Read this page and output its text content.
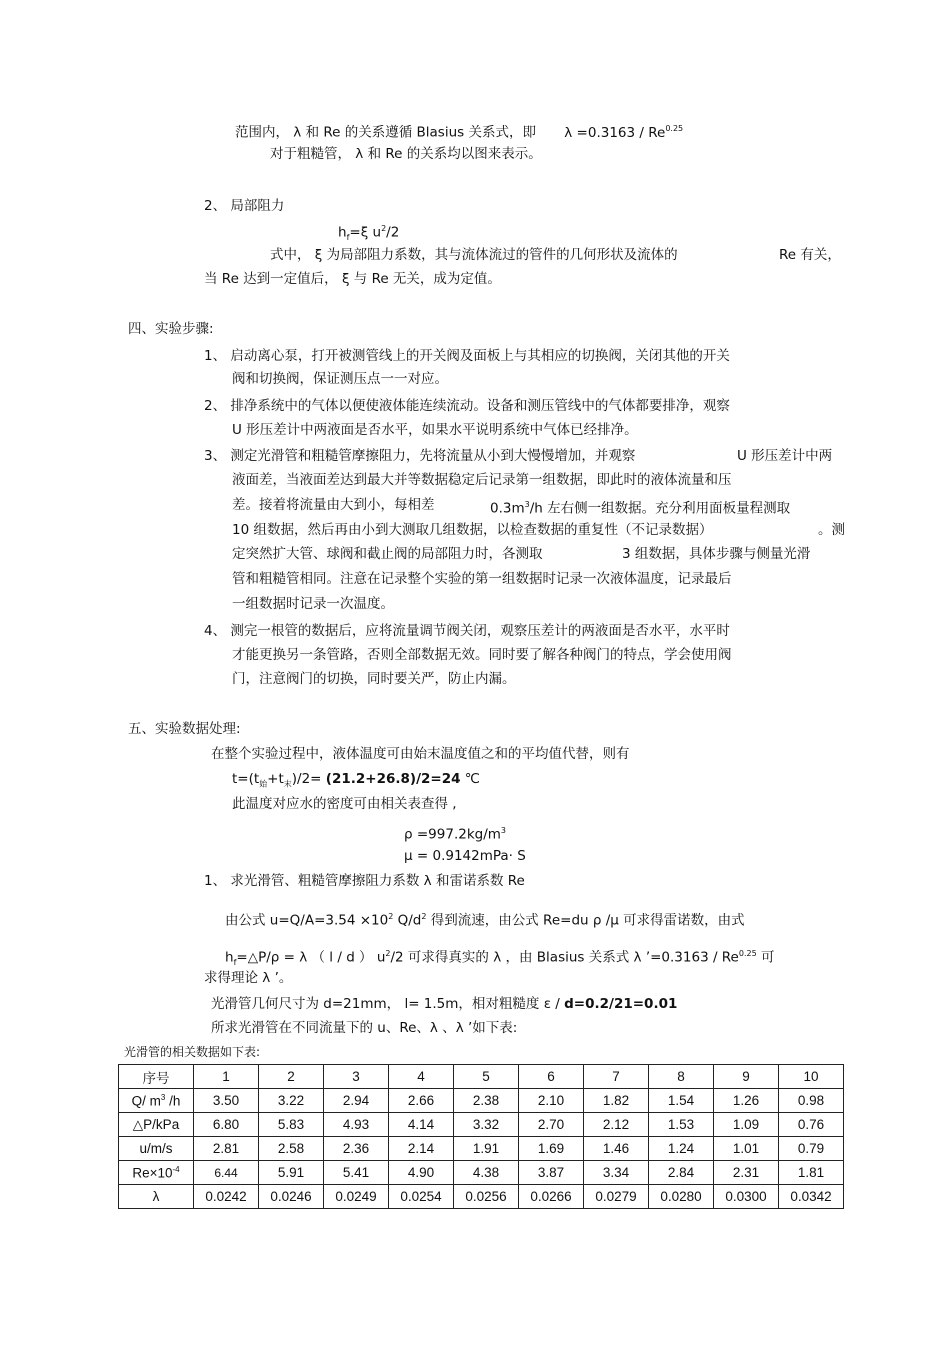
范围内， λ 和 Re 的关系遵循 Blasius 关系式，即 $\lambda =0.3163 / Re^{0.25}$
对于粗糙管， λ 和 Re 的关系均以图来表示。
2、 局部阻力
$h_f=\xi$ $u^2/2$
式中， ξ 为局部阻力系数，其与流体流过的管件的几何形状及流体的	Re 有关，
当 Re 达到一定值后， ξ 与 Re 无关，成为定值。
四、实验步骤:
1、 启动离心泵，打开被测管线上的开关阀及面板上与其相应的切换阀，关闭其他的开关
阀和切换阀，保证测压点一一对应。
2、 排净系统中的气体以便使液体能连续流动。设备和测压管线中的气体都要排净，观察
U 形压差计中两液面是否水平，如果水平说明系统中气体已经排净。
3、 测定光滑管和粗糙管摩擦阻力，先将流量从小到大慢慢增加，并观察	U 形压差计中两
液面差，当液面差达到最大并等数据稳定后记录第一组数据，即此时的液体流量和压
差。接着将流量由大到小，每相差	$0.3m^3/h$ 左右侧一组数据。充分利用面板量程测取
10 组数据，然后再由小到大测取几组数据，以检查数据的重复性（不记录数据）	。测
定突然扩大管、球阀和截止阀的局部阻力时，各测取	3 组数据，具体步骤与侧量光滑
管和粗糙管相同。注意在记录整个实验的第一组数据时记录一次液体温度，记录最后
一组数据时记录一次温度。
4、 测完一根管的数据后，应将流量调节阀关闭，观察压差计的两液面是否水平，水平时
才能更换另一条管路，否则全部数据无效。同时要了解各种阀门的特点，学会使用阀
门，注意阀门的切换，同时要关严，防止内漏。
五、实验数据处理:
在整个实验过程中，液体温度可由始末温度值之和的平均值代替，则有
$t=(t_始+t_末)/2= (21.2+26.8)/2=24$ ℃
此温度对应水的密度可由相关表查得 ,
$\rho =997.2kg/m^3$
μ = 0.9142mPa· S
1、 求光滑管、粗糙管摩擦阻力系数 λ 和雷诺系数 Re
由公式 $u=Q/A=3.54 \times 10^2$ $Q/d^2$ 得到流速，由公式 Re=du ρ /μ 可求得雷诺数，由式
$h_f=\triangle P/\rho = \lambda$ （ l / d ） $u^2/2$ 可求得真实的 λ ，由 Blasius 关系式 λ ’=0.3163 / $Re^{0.25}$ 可
求得理论 λ ’。
光滑管几何尺寸为 d=21mm， l= 1.5m，相对粗糙度 ε / d=0.2/21=0.01
所求光滑管在不同流量下的 u、Re、λ 、λ ’如下表:
光滑管的相关数据如下表:
序号	1	2	3	4	5	6	7	8	9	10
Q/ $m^3$ /h	3.50	3.22	2.94	2.66	2.38	2.10	1.82	1.54	1.26	0.98
△P/kPa	6.80	5.83	4.93	4.14	3.32	2.70	2.12	1.53	1.09	0.76
u/m/s	2.81	2.58	2.36	2.14	1.91	1.69	1.46	1.24	1.01	0.79
$Re\times 10^{-4}$	6.44	5.91	5.41	4.90	4.38	3.87	3.34	2.84	2.31	1.81
λ	0.0242	0.0246	0.0249	0.0254	0.0256	0.0266	0.0279	0.0280	0.0300	0.0342
